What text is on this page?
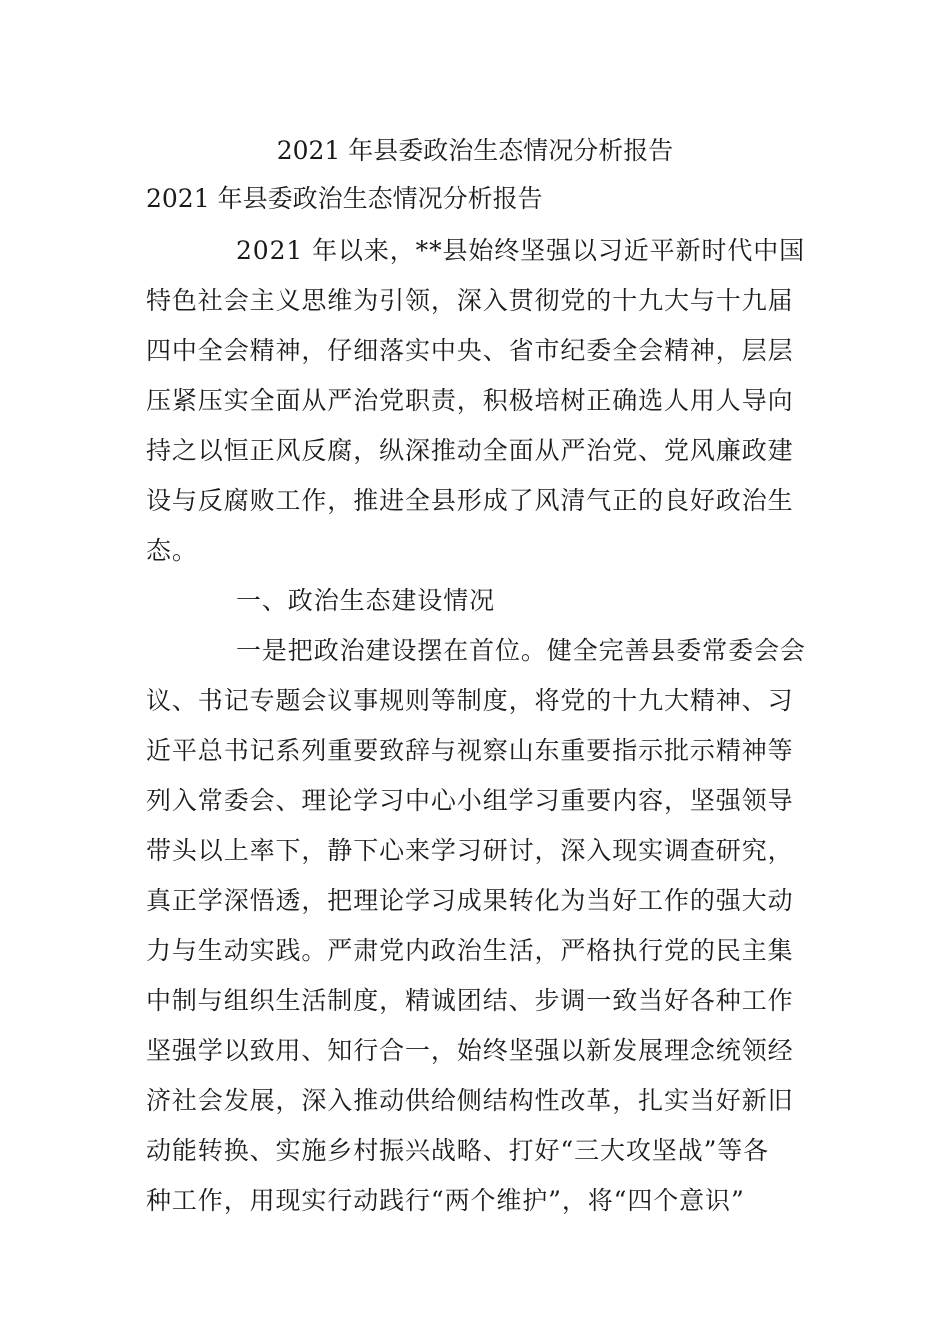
2021 年县委政治生态情况分析报告
2021 年县委政治生态情况分析报告
2021 年以来，**县始终坚强以习近平新时代中国
特色社会主义思维为引领，深入贯彻党的十九大与十九届
四中全会精神，仔细落实中央、省市纪委全会精神，层层
压紧压实全面从严治党职责，积极培树正确选人用人导向
持之以恒正风反腐，纵深推动全面从严治党、党风廉政建
设与反腐败工作，推进全县形成了风清气正的良好政治生
态。
一、政治生态建设情况
一是把政治建设摆在首位。健全完善县委常委会会
议、书记专题会议事规则等制度，将党的十九大精神、习
近平总书记系列重要致辞与视察山东重要指示批示精神等
列入常委会、理论学习中心小组学习重要内容，坚强领导
带头以上率下，静下心来学习研讨，深入现实调查研究，
真正学深悟透，把理论学习成果转化为当好工作的强大动
力与生动实践。严肃党内政治生活，严格执行党的民主集
中制与组织生活制度，精诚团结、步调一致当好各种工作
坚强学以致用、知行合一，始终坚强以新发展理念统领经
济社会发展，深入推动供给侧结构性改革，扎实当好新旧
动能转换、实施乡村振兴战略、打好“三大攻坚战”等各
种工作，用现实行动践行“两个维护”，将“四个意识”
